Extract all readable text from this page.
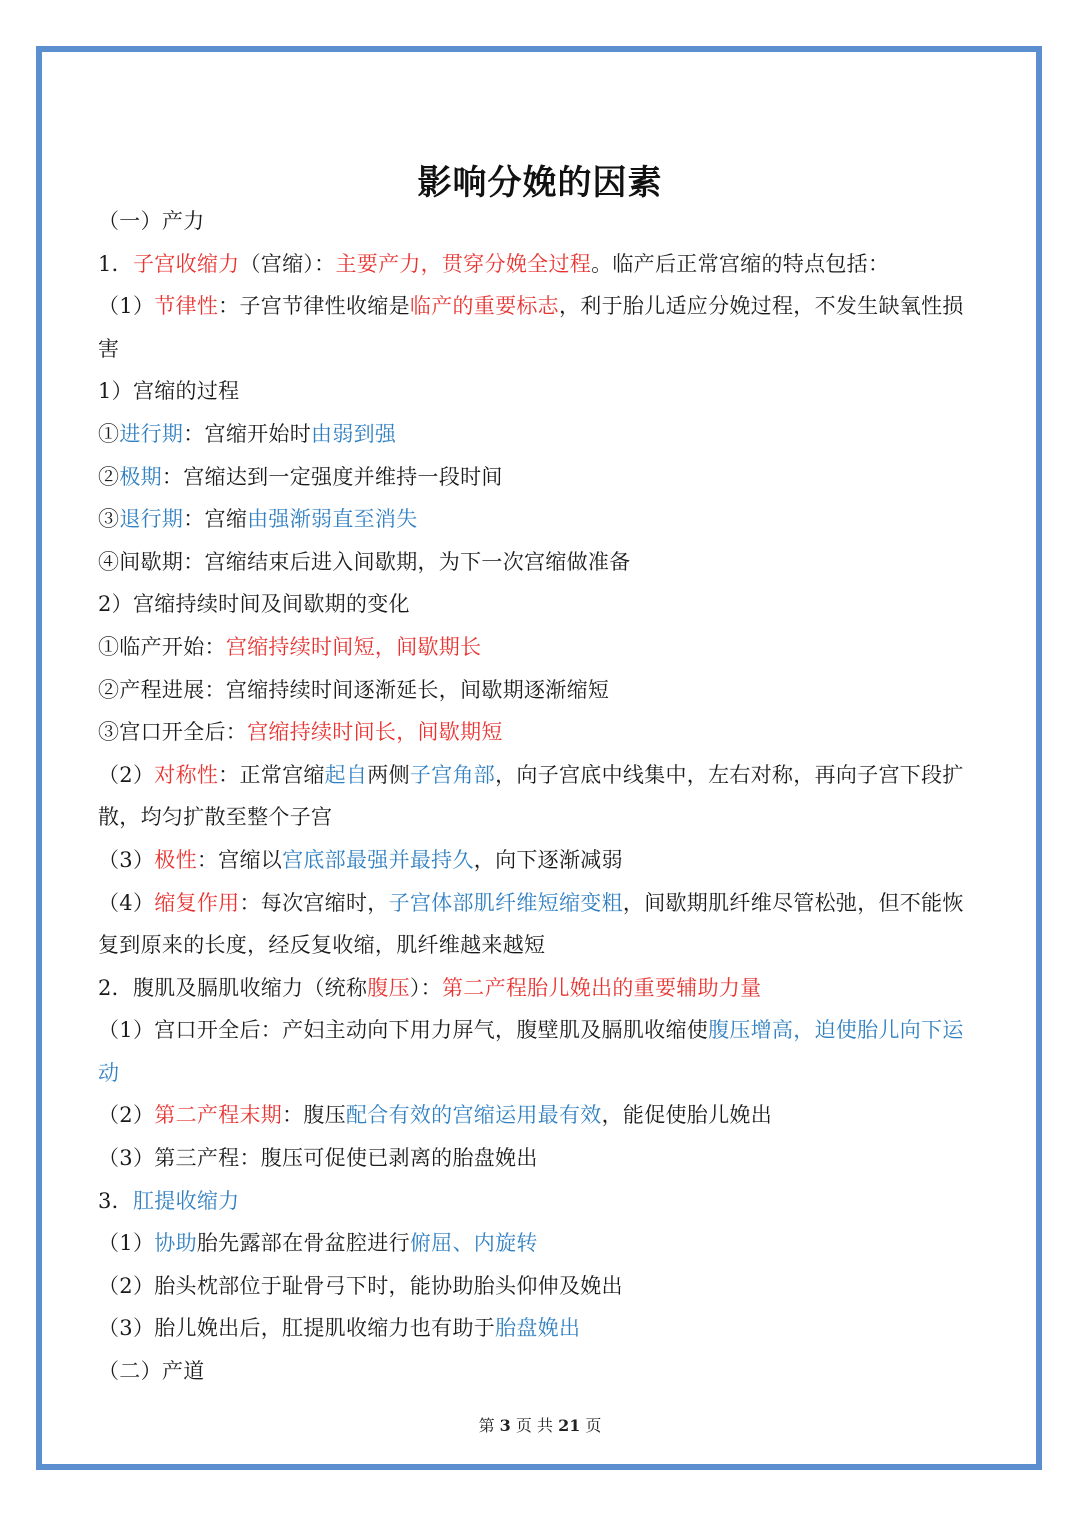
影响分娩的因素

（一）产力

1．子宫收缩力（宫缩）：主要产力，贯穿分娩全过程。临产后正常宫缩的特点包括：

（1）节律性：子宫节律性收缩是临产的重要标志，利于胎儿适应分娩过程，不发生缺氧性损害

1）宫缩的过程

①进行期：宫缩开始时由弱到强

②极期：宫缩达到一定强度并维持一段时间

③退行期：宫缩由强渐弱直至消失

④间歇期：宫缩结束后进入间歇期，为下一次宫缩做准备

2）宫缩持续时间及间歇期的变化

①临产开始：宫缩持续时间短，间歇期长

②产程进展：宫缩持续时间逐渐延长，间歇期逐渐缩短

③宫口开全后：宫缩持续时间长，间歇期短

（2）对称性：正常宫缩起自两侧子宫角部，向子宫底中线集中，左右对称，再向子宫下段扩散，均匀扩散至整个子宫

（3）极性：宫缩以宫底部最强并最持久，向下逐渐减弱

（4）缩复作用：每次宫缩时，子宫体部肌纤维短缩变粗，间歇期肌纤维尽管松弛，但不能恢复到原来的长度，经反复收缩，肌纤维越来越短

2．腹肌及膈肌收缩力（统称腹压）：第二产程胎儿娩出的重要辅助力量

（1）宫口开全后：产妇主动向下用力屏气，腹壁肌及膈肌收缩使腹压增高，迫使胎儿向下运动

（2）第二产程末期：腹压配合有效的宫缩运用最有效，能促使胎儿娩出

（3）第三产程：腹压可促使已剥离的胎盘娩出

3．肛提收缩力

（1）协助胎先露部在骨盆腔进行俯屈、内旋转

（2）胎头枕部位于耻骨弓下时，能协助胎头仰伸及娩出

（3）胎儿娩出后，肛提肌收缩力也有助于胎盘娩出

（二）产道

第 3 页 共 21 页
